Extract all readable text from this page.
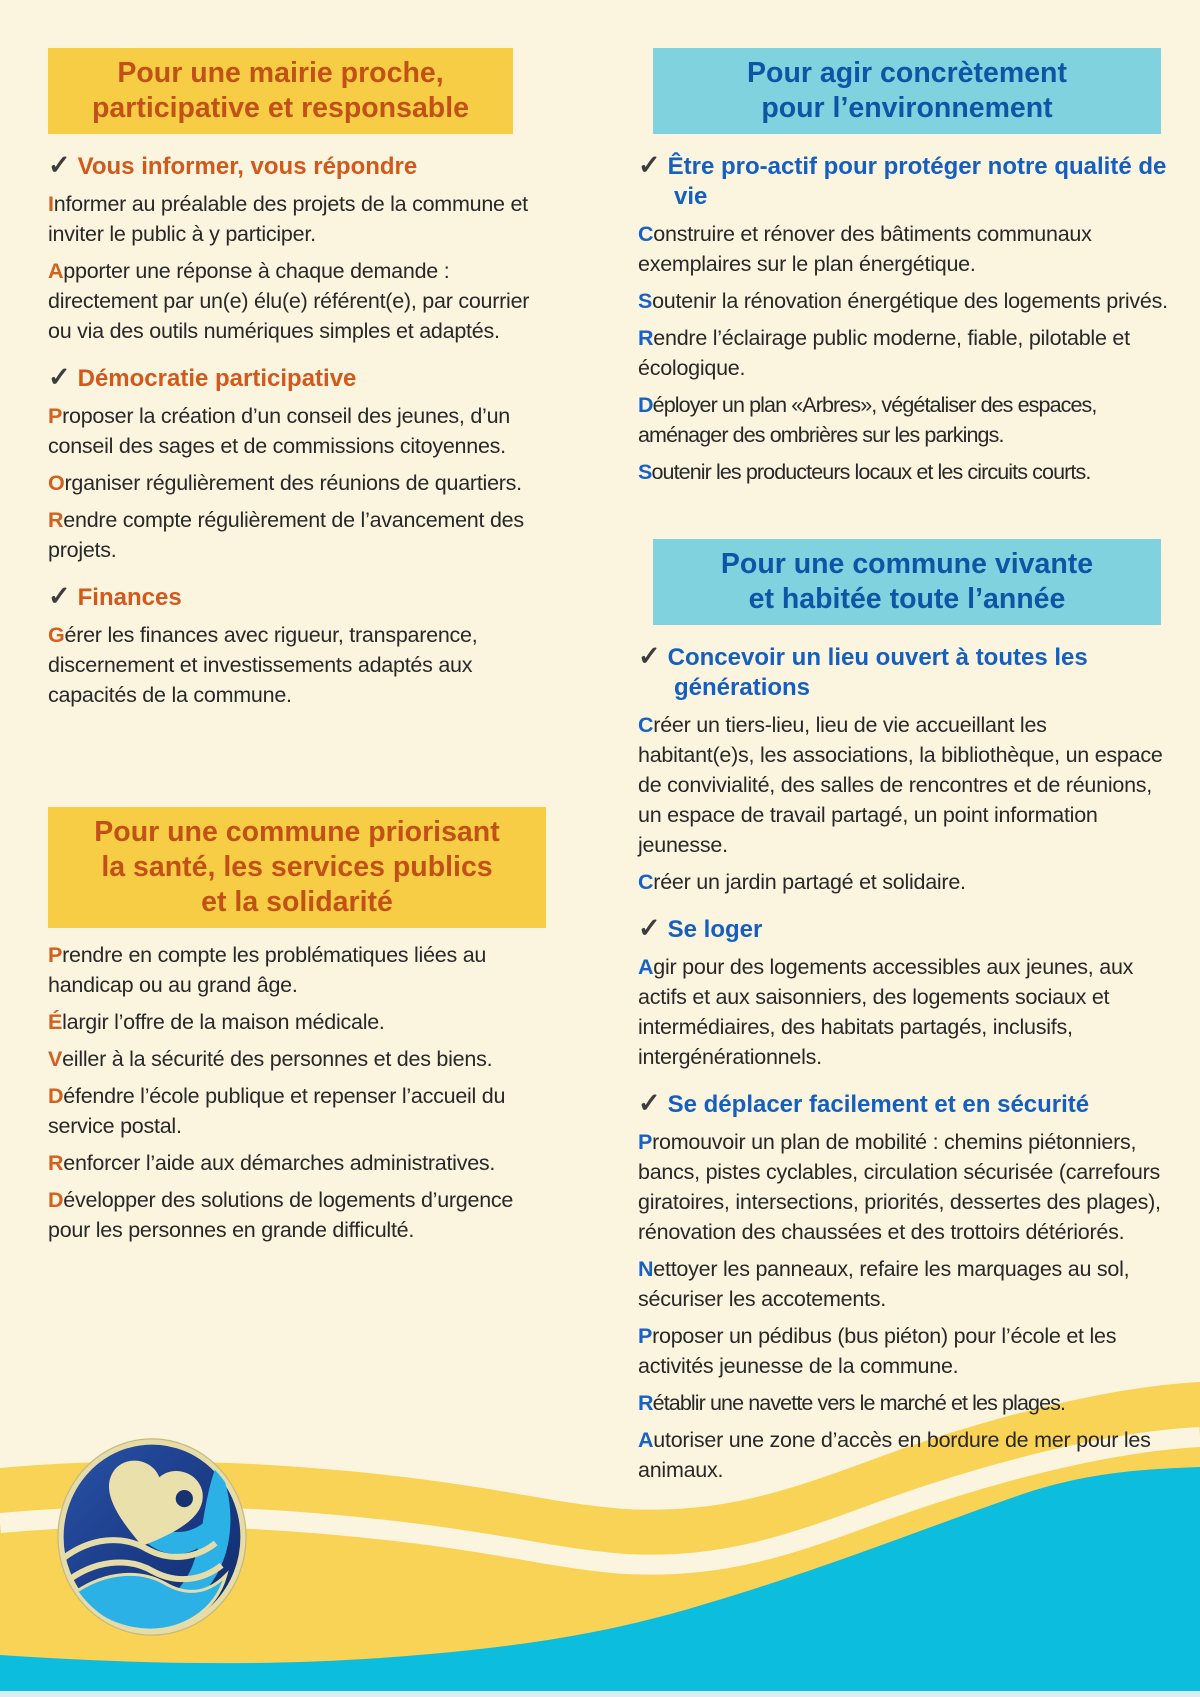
Pour une mairie proche,
participative et responsable
✓ Vous informer, vous répondre

Informer au préalable des projets de la commune et inviter le public à y participer.

Apporter une réponse à chaque demande : directement par un(e) élu(e) référent(e), par courrier ou via des outils numériques simples et adaptés.

✓ Démocratie participative

Proposer la création d’un conseil des jeunes, d’un conseil des sages et de commissions citoyennes.

Organiser régulièrement des réunions de quartiers.

Rendre compte régulièrement de l’avancement des projets.

✓ Finances

Gérer les finances avec rigueur, transparence, discernement et investissements adaptés aux capacités de la commune.

Pour une commune priorisant
la santé, les services publics
et la solidarité

Prendre en compte les problématiques liées au handicap ou au grand âge.

Élargir l’offre de la maison médicale.

Veiller à la sécurité des personnes et des biens.

Défendre l’école publique et repenser l’accueil du service postal.

Renforcer l’aide aux démarches administratives.

Développer des solutions de logements d’urgence pour les personnes en grande difficulté.

Pour agir concrètement
pour l’environnement
✓ Être pro-actif pour protéger notre qualité de vie

Construire et rénover des bâtiments communaux exemplaires sur le plan énergétique.

Soutenir la rénovation énergétique des logements privés.

Rendre l’éclairage public moderne, fiable, pilotable et écologique.

Déployer un plan «Arbres», végétaliser des espaces, aménager des ombrières sur les parkings.

Soutenir les producteurs locaux et les circuits courts.

Pour une commune vivante
et habitée toute l’année
✓ Concevoir un lieu ouvert à toutes les générations

Créer un tiers-lieu, lieu de vie accueillant les habitant(e)s, les associations, la bibliothèque, un espace de convivialité, des salles de rencontres et de réunions, un espace de travail partagé, un point information jeunesse.

Créer un jardin partagé et solidaire.

✓ Se loger

Agir pour des logements accessibles aux jeunes, aux actifs et aux saisonniers, des logements sociaux et intermédiaires, des habitats partagés, inclusifs, intergénérationnels.

✓ Se déplacer facilement et en sécurité

Promouvoir un plan de mobilité : chemins piétonniers, bancs, pistes cyclables, circulation sécurisée (carrefours giratoires, intersections, priorités, dessertes des plages), rénovation des chaussées et des trottoirs détériorés.

Nettoyer les panneaux, refaire les marquages au sol, sécuriser les accotements.

Proposer un pédibus (bus piéton) pour l’école et les activités jeunesse de la commune.

Rétablir une navette vers le marché et les plages.

Autoriser une zone d’accès en bordure de mer pour les animaux.
